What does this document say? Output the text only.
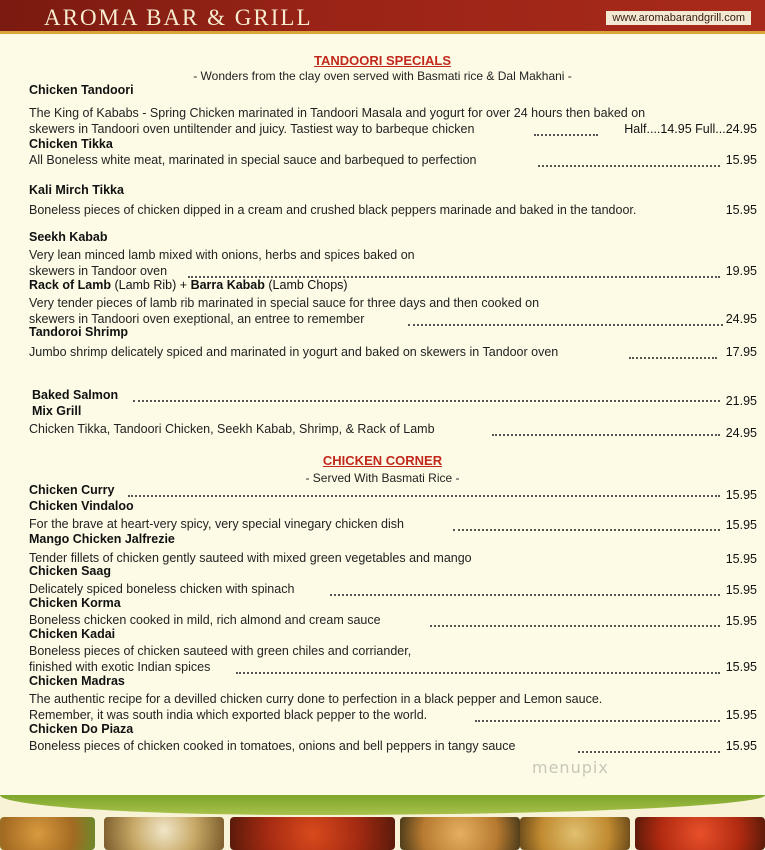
AROMA BAR & GRILL	www.aromabarandgrill.com
TANDOORI SPECIALS
- Wonders from the clay oven served with Basmati rice & Dal Makhani -
Chicken Tandoori
The King of Kababs - Spring Chicken marinated in Tandoori Masala and yogurt for over 24 hours then baked on
skewers in Tandoori oven untiltender and juicy. Tastiest way to barbeque chicken	Half....14.95 Full...24.95
Chicken Tikka
All Boneless white meat, marinated in special sauce and barbequed to perfection	15.95
Kali Mirch Tikka
Boneless pieces of chicken dipped in a cream and crushed black peppers marinade and baked in the tandoor.	15.95
Seekh Kabab
Very lean minced lamb mixed with onions, herbs and spices baked on
skewers in Tandoor oven	19.95
Rack of Lamb (Lamb Rib) + Barra Kabab (Lamb Chops)
Very tender pieces of lamb rib marinated in special sauce for three days and then cooked on
skewers in Tandoori oven exeptional, an entree to remember	24.95
Tandoroi Shrimp
Jumbo shrimp delicately spiced and marinated in yogurt and baked on skewers in Tandoor oven	17.95
Baked Salmon	21.95
Mix Grill
Chicken Tikka, Tandoori Chicken, Seekh Kabab, Shrimp, & Rack of Lamb	24.95
CHICKEN CORNER
- Served With Basmati Rice -
Chicken Curry	15.95
Chicken Vindaloo
For the brave at heart-very spicy, very special vinegary chicken dish	15.95
Mango Chicken Jalfrezie
Tender fillets of chicken gently sauteed with mixed green vegetables and mango	15.95
Chicken Saag
Delicately spiced boneless chicken with spinach	15.95
Chicken Korma
Boneless chicken cooked in mild, rich almond and cream sauce	15.95
Chicken Kadai
Boneless pieces of chicken sauteed with green chiles and corriander,
finished with exotic Indian spices	15.95
Chicken Madras
The authentic recipe for a devilled chicken curry done to perfection in a black pepper and Lemon sauce.
Remember, it was south india which exported black pepper to the world.	15.95
Chicken Do Piaza
Boneless pieces of chicken cooked in tomatoes, onions and bell peppers in tangy sauce	15.95
menupix
